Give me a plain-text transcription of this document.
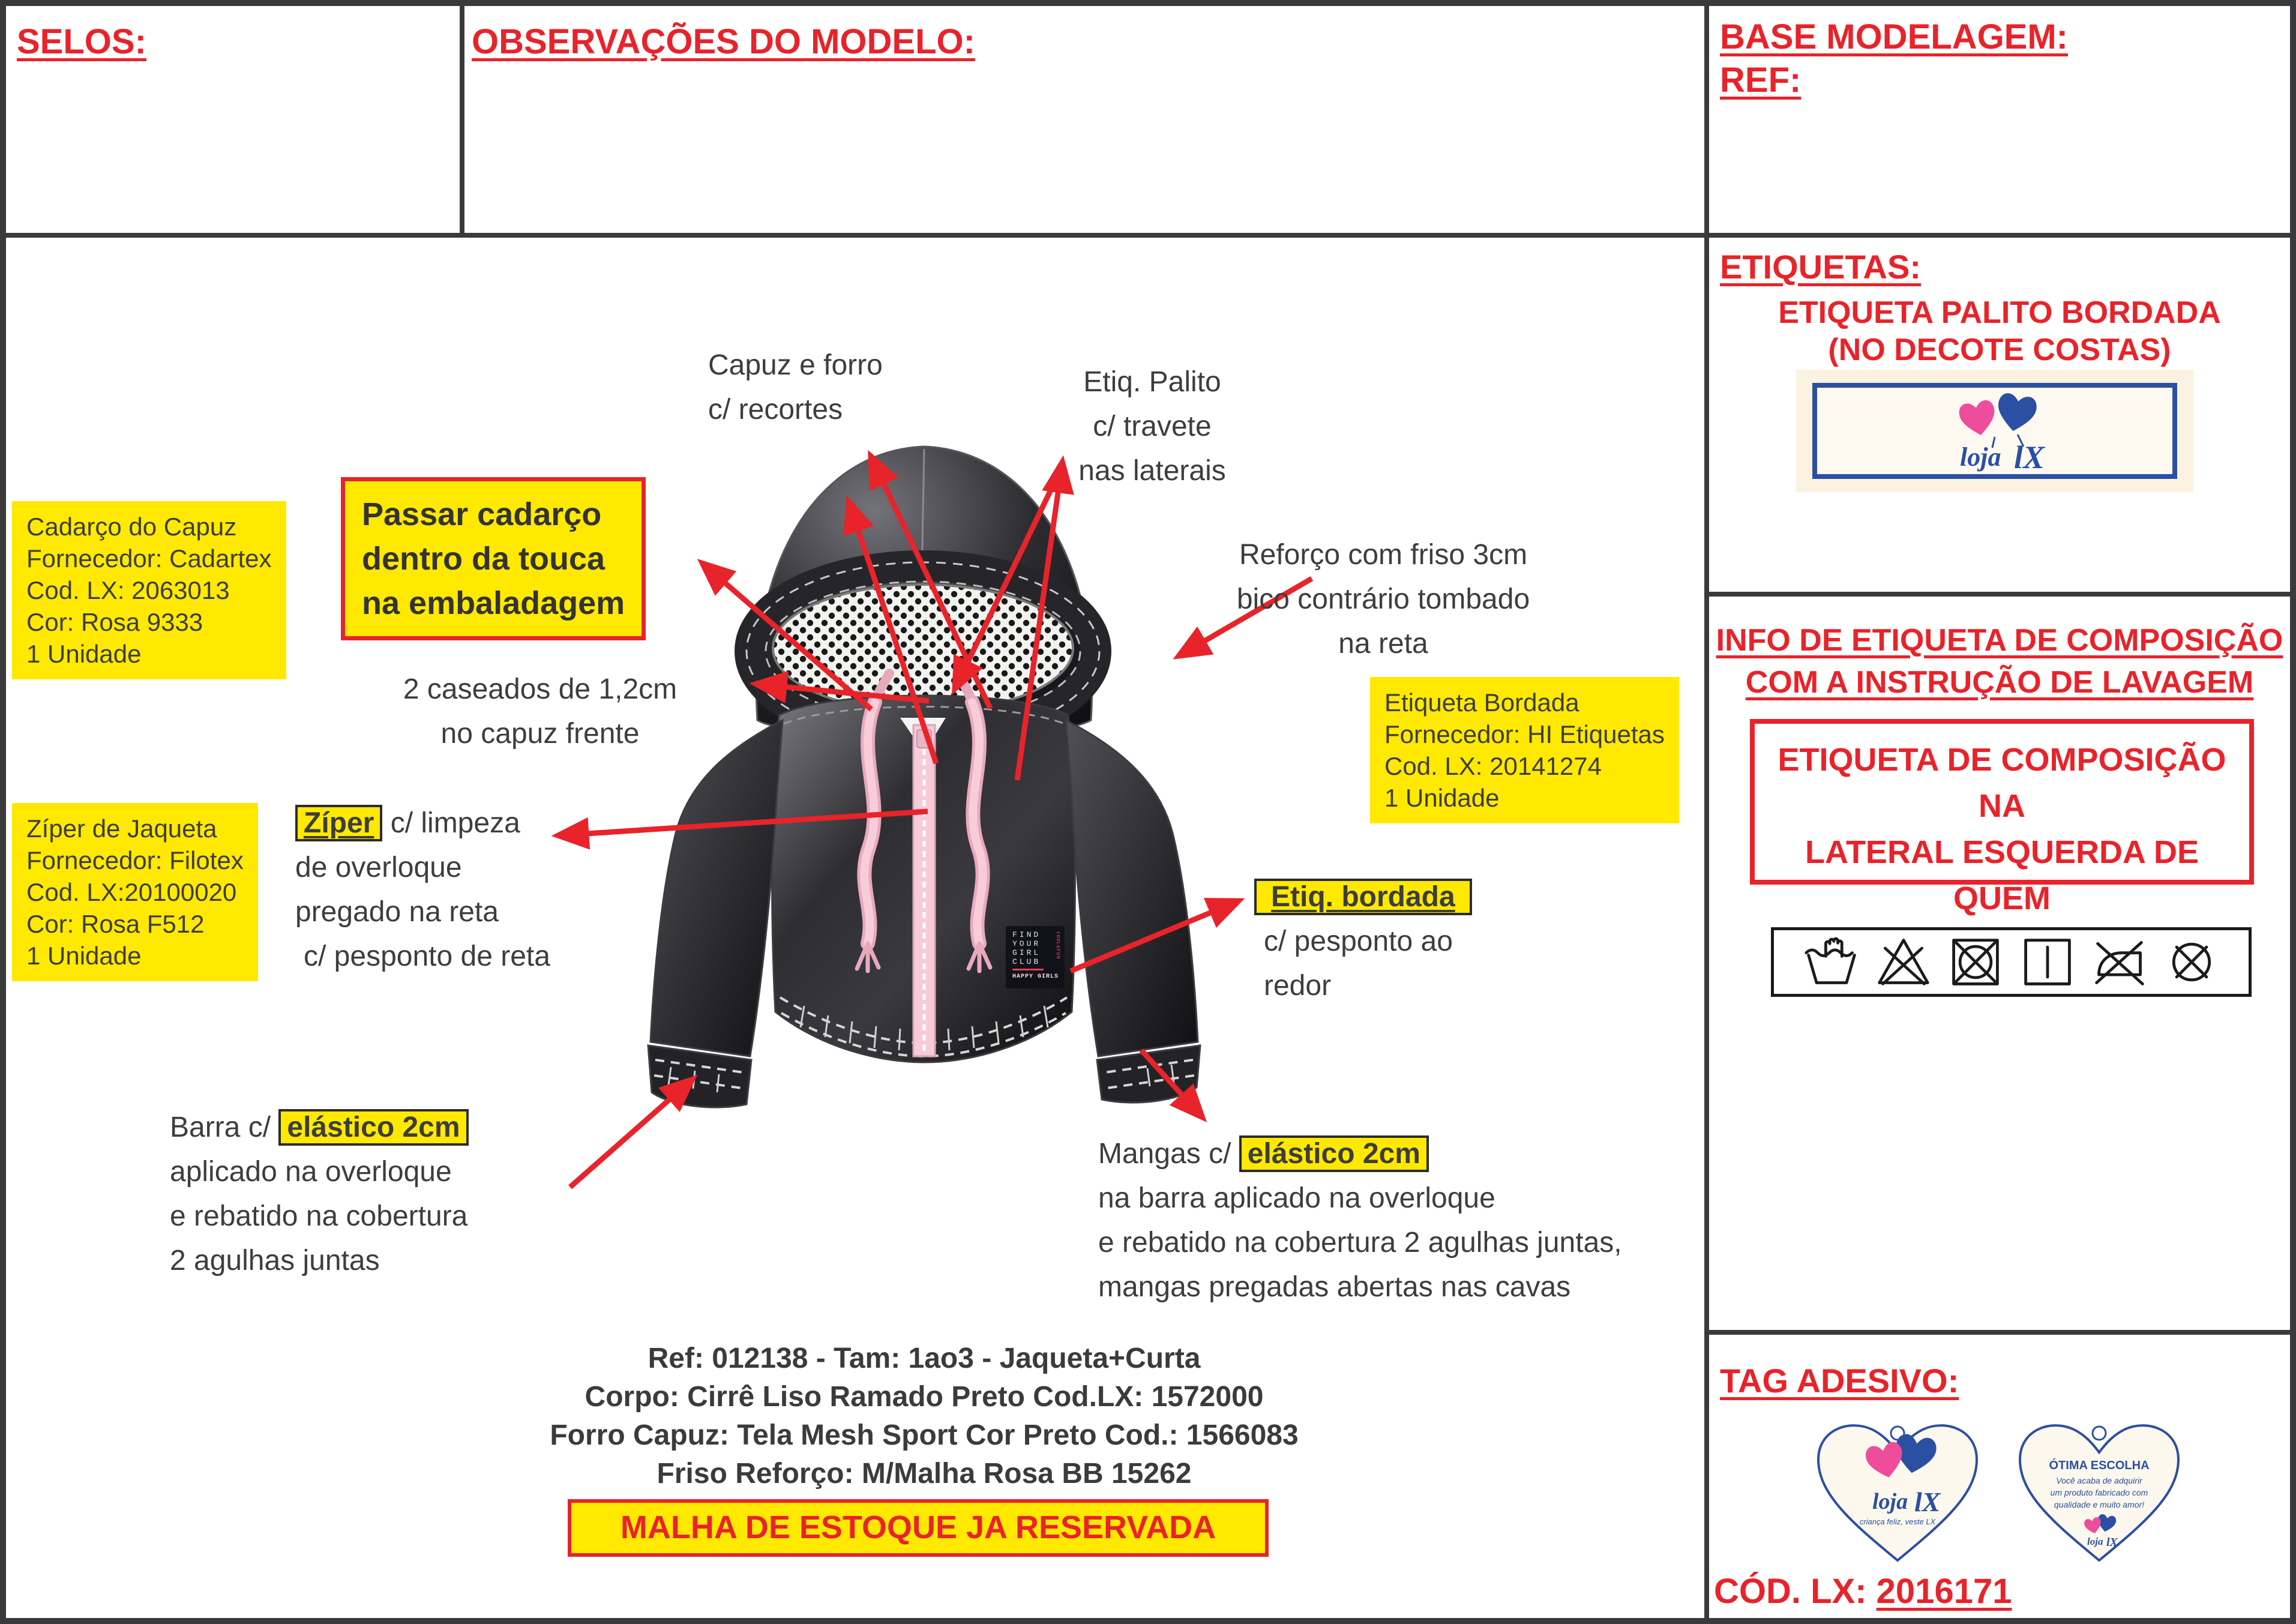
SELOS:	OBSERVAÇÕES DO MODELO:	BASE MODELAGEM:
REF:
FIND
YOUR
GIRL
CLUB
HAPPY GIRLS
COOL&FUN
Capuz e forro
c/ recortes
Etiq. Palito
c/ travete
nas laterais
Reforço com friso 3cm
bico contrário tombado
na reta
2 caseados de 1,2cm
no capuz frente
Passar cadarço
dentro da touca
na embaladagem
Zíper c/ limpeza
de overloque
pregado na reta
c/ pesponto de reta
Etiq. bordada
c/ pesponto ao
redor
Barra c/ elástico 2cm
aplicado na overloque
e rebatido na cobertura
2 agulhas juntas
Mangas c/ elástico 2cm
na barra aplicado na overloque
e rebatido na cobertura 2 agulhas juntas,
mangas pregadas abertas nas cavas
Cadarço do Capuz
Fornecedor: Cadartex
Cod. LX: 2063013
Cor: Rosa 9333
1 Unidade
Zíper de Jaqueta
Fornecedor: Filotex
Cod. LX:20100020
Cor: Rosa F512
1 Unidade
Etiqueta Bordada
Fornecedor: HI Etiquetas
Cod. LX: 20141274
1 Unidade
Ref: 012138 - Tam: 1ao3 - Jaqueta+Curta
Corpo: Cirrê Liso Ramado Preto Cod.LX: 1572000
Forro Capuz: Tela Mesh Sport Cor Preto Cod.: 1566083
Friso Reforço: M/Malha Rosa BB 15262
MALHA DE ESTOQUE JA RESERVADA
ETIQUETAS:
ETIQUETA PALITO BORDADA
(NO DECOTE COSTAS)
loja lX
INFO DE ETIQUETA DE COMPOSIÇÃO
COM A INSTRUÇÃO DE LAVAGEM
ETIQUETA DE COMPOSIÇÃO NA
LATERAL ESQUERDA DE QUEM
TAG ADESIVO:
loja lX
criança feliz, veste LX
ÓTIMA ESCOLHA
Você acaba de adquirir
um produto fabricado com
qualidade e muito amor!
loja lX
CÓD. LX: 2016171
